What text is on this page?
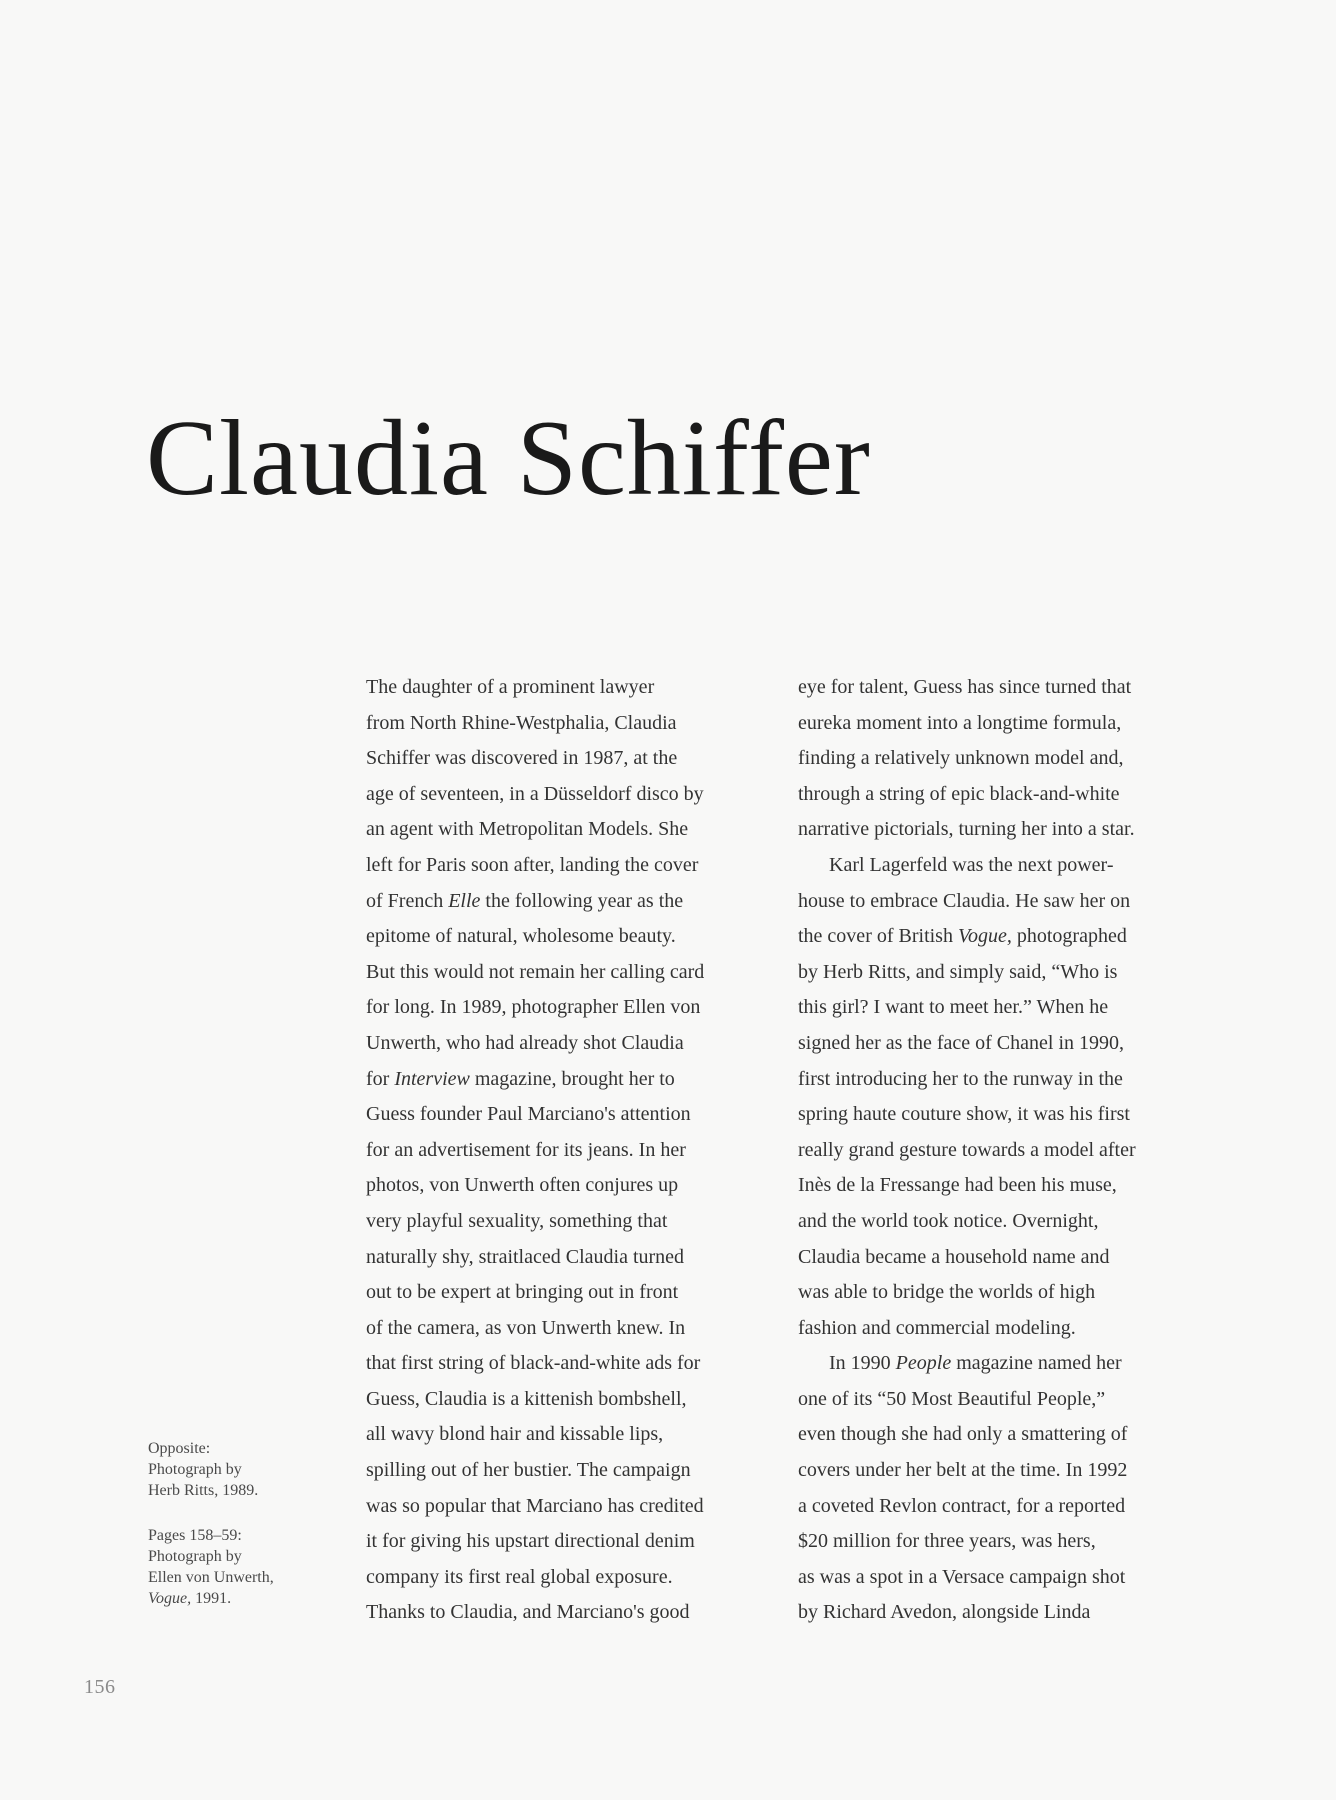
Claudia Schiffer

The daughter of a prominent lawyer

from North Rhine-Westphalia, Claudia

Schiffer was discovered in 1987, at the

age of seventeen, in a Düsseldorf disco by

an agent with Metropolitan Models. She

left for Paris soon after, landing the cover

of French Elle the following year as the

epitome of natural, wholesome beauty.

But this would not remain her calling card

for long. In 1989, photographer Ellen von

Unwerth, who had already shot Claudia

for Interview magazine, brought her to

Guess founder Paul Marciano's attention

for an advertisement for its jeans. In her

photos, von Unwerth often conjures up

very playful sexuality, something that

naturally shy, straitlaced Claudia turned

out to be expert at bringing out in front

of the camera, as von Unwerth knew. In

that first string of black-and-white ads for

Guess, Claudia is a kittenish bombshell,

all wavy blond hair and kissable lips,

spilling out of her bustier. The campaign

was so popular that Marciano has credited

it for giving his upstart directional denim

company its first real global exposure.

Thanks to Claudia, and Marciano's good

eye for talent, Guess has since turned that

eureka moment into a longtime formula,

finding a relatively unknown model and,

through a string of epic black-and-white

narrative pictorials, turning her into a star.

Karl Lagerfeld was the next power-

house to embrace Claudia. He saw her on

the cover of British Vogue, photographed

by Herb Ritts, and simply said, “Who is

this girl? I want to meet her.” When he

signed her as the face of Chanel in 1990,

first introducing her to the runway in the

spring haute couture show, it was his first

really grand gesture towards a model after

Inès de la Fressange had been his muse,

and the world took notice. Overnight,

Claudia became a household name and

was able to bridge the worlds of high

fashion and commercial modeling.

In 1990 People magazine named her

one of its “50 Most Beautiful People,”

even though she had only a smattering of

covers under her belt at the time. In 1992

a coveted Revlon contract, for a reported

$20 million for three years, was hers,

as was a spot in a Versace campaign shot

by Richard Avedon, alongside Linda

Opposite:

Photograph by

Herb Ritts, 1989.

Pages 158–59:

Photograph by

Ellen von Unwerth,

Vogue, 1991.

156
